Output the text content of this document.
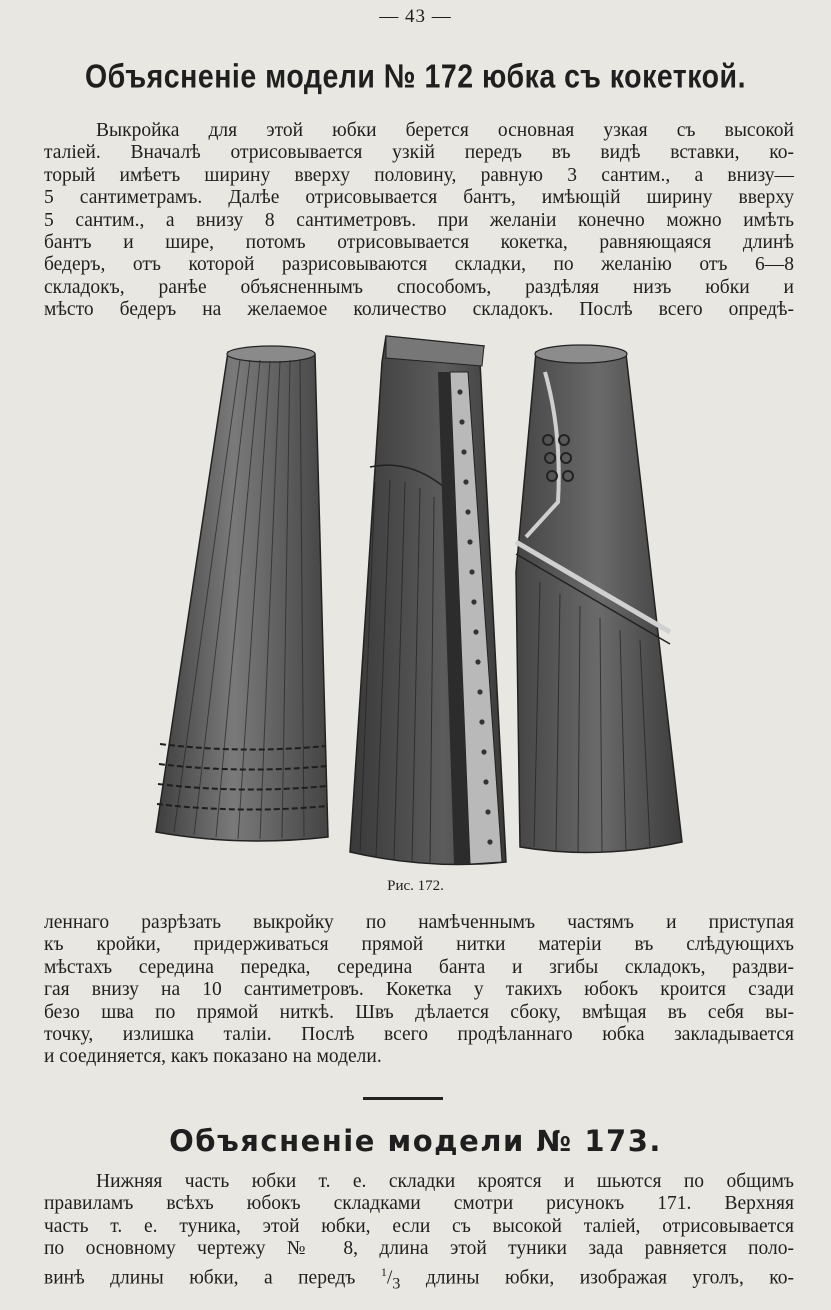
— 43 —
Объясненіе модели № 172 юбка съ кокеткой.
Выкройка для этой юбки берется основная узкая съ высокой
таліей. Вначалѣ отрисовывается узкій передъ въ видѣ вставки, ко-
торый имѣетъ ширину вверху половину, равную 3 сантим., а внизу—
5 сантиметрамъ. Далѣе отрисовывается бантъ, имѣющій ширину вверху
5 сантим., а внизу 8 сантиметровъ. при желаніи конечно можно имѣть
бантъ и шире, потомъ отрисовывается кокетка, равняющаяся длинѣ
бедеръ, отъ которой разрисовываются складки, по желанію отъ 6—8
складокъ, ранѣе объясненнымъ способомъ, раздѣляя низъ юбки и
мѣсто бедеръ на желаемое количество складокъ. Послѣ всего опредѣ-
Рис. 172.
леннаго разрѣзать выкройку по намѣченнымъ частямъ и приступая
къ кройки, придерживаться прямой нитки матеріи въ слѣдующихъ
мѣстахъ середина передка, середина банта и згибы складокъ, раздви-
гая внизу на 10 сантиметровъ. Кокетка у такихъ юбокъ кроится сзади
безо шва по прямой ниткѣ. Швъ дѣлается сбоку, вмѣщая въ себя вы-
точку, излишка таліи. Послѣ всего продѣланнаго юбка закладывается
и соединяется, какъ показано на модели.
Объясненіе модели № 173.
Нижняя часть юбки т. е. складки кроятся и шьются по общимъ
правиламъ всѣхъ юбокъ складками смотри рисунокъ 171. Верхняя
часть т. е. туника, этой юбки, если съ высокой таліей, отрисовывается
по основному чертежу № 8, длина этой туники зада равняется поло-
винѣ длины юбки, а передъ $^1/_3$ длины юбки, изображая уголъ, ко-
